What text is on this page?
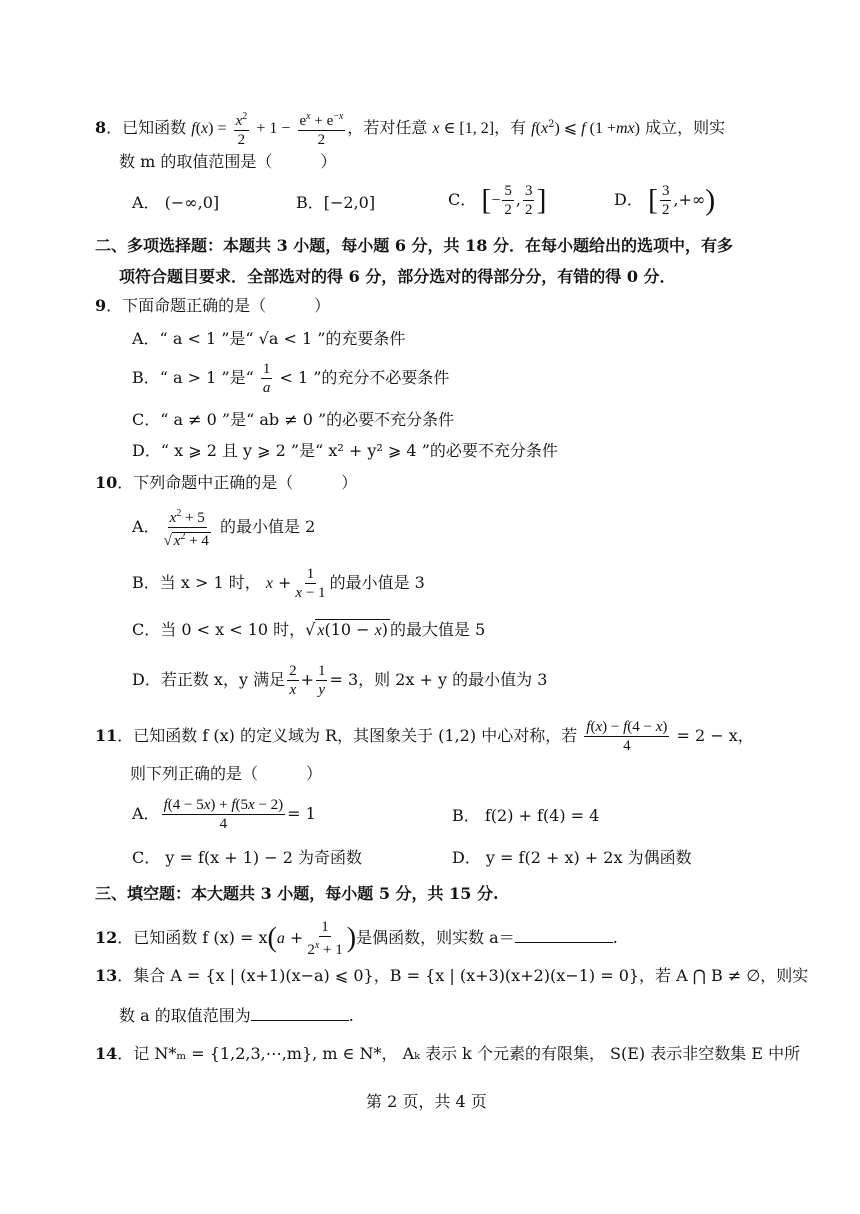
8．已知函数 $f(x) = \frac{x^2}{2} + 1 - \frac{e^x + e^{-x}}{2}$ ，若对任意 x ∈ [1, 2]，有 $f(x^2)$ ⩽ f (1 +mx) 成立，则实
数 m 的取值范围是（　　　）
A． (−∞,0]	B．[−2,0]	C． [− $\frac{5}{2}$ , $\frac{3}{2}$ ]	D． [ $\frac{3}{2}$ ,+∞)
二、多项选择题：本题共 3 小题，每小题 6 分，共 18 分．在每小题给出的选项中，有多
项符合题目要求．全部选对的得 6 分，部分选对的得部分分，有错的得 0 分．
9．下面命题正确的是（　　　）
A．“ a < 1 ”是“ √a < 1 ”的充要条件
B．“ a > 1 ”是“ $\frac{1}{a} < 1$ ”的充分不必要条件
C．“ a ≠ 0 ”是“ ab ≠ 0 ”的必要不充分条件
D．“ x ⩾ 2 且 y ⩾ 2 ”是“ x² + y² ⩾ 4 ”的必要不充分条件
10．下列命题中正确的是（　　　）
A． $\frac{x^2 + 5}{√ x^2 + 4}$ 的最小值是 2
B．当 x > 1 时， $x + \frac{1}{x - 1}$ 的最小值是 3
C．当 0 < x < 10 时，√ x(10 − x) 的最大值是 5
D．若正数 x，y 满足 $\frac{2}{x} + \frac{1}{y} = 3$，则 2x + y 的最小值为 3
11．已知函数 f (x) 的定义域为 R，其图象关于 (1,2) 中心对称，若 $\frac{f(x) - f(4 - x)}{4} = 2 - x$，
则下列正确的是（　　　）
A． $\frac{f(4 - 5x) + f(5x - 2)}{4} = 1$	B． f(2) + f(4) = 4
C． y = f(x + 1) − 2 为奇函数	D． y = f(2 + x) + 2x 为偶函数
三、填空题：本大题共 3 小题，每小题 5 分，共 15 分.
12．已知函数 f $(x) = x(a + \frac{1}{2^x + 1}$ )是偶函数，则实数 a＝	.
13．集合 A = {x | (x+1)(x−a) ⩽ 0}，B = {x | (x+3)(x+2)(x−1) = 0}，若 A ⋂ B ≠ ∅，则实
数 a 的取值范围为	.
14．记 N*ₘ = {1,2,3,⋯,m}, m ∈ N*， Aₖ 表示 k 个元素的有限集， S(E) 表示非空数集 E 中所
第 2 页，共 4 页
